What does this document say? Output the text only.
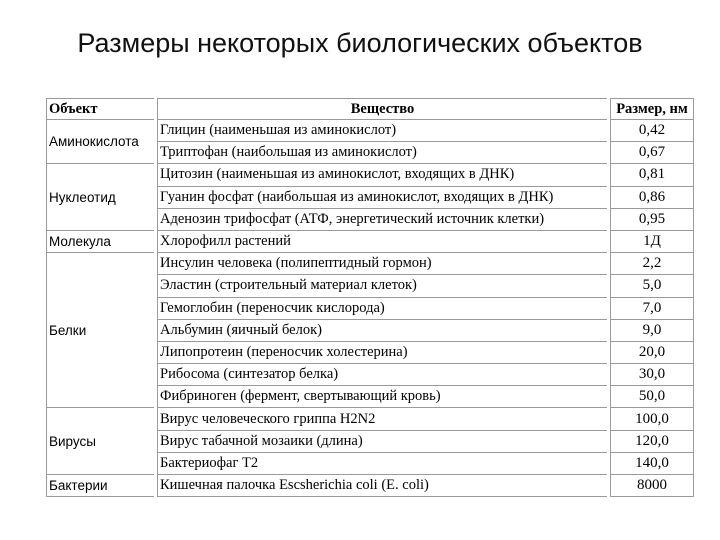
Размеры некоторых биологических объектов
Объект	Вещество	Размер, нм
Аминокислота	Глицин (наименьшая из аминокислот)	0,42
	Триптофан (наибольшая из аминокислот)	0,67
Нуклеотид	Цитозин (наименьшая из аминокислот, входящих в ДНК)	0,81
	Гуанин фосфат (наибольшая из аминокислот, входящих в ДНК)	0,86
	Аденозин трифосфат (АТФ, энергетический источник клетки)	0,95
Молекула	Хлорофилл растений	1Д
Белки	Инсулин человека (полипептидный гормон)	2,2
	Эластин (строительный материал клеток)	5,0
	Гемоглобин (переносчик кислорода)	7,0
	Альбумин (яичный белок)	9,0
	Липопротеин (переносчик холестерина)	20,0
	Рибосома (синтезатор белка)	30,0
	Фибриноген (фермент, свертывающий кровь)	50,0
Вирусы	Вирус человеческого гриппа H2N2	100,0
	Вирус табачной мозаики (длина)	120,0
	Бактериофаг Т2	140,0
Бактерии	Кишечная палочка Escsherichia coli (E. coli)	8000
